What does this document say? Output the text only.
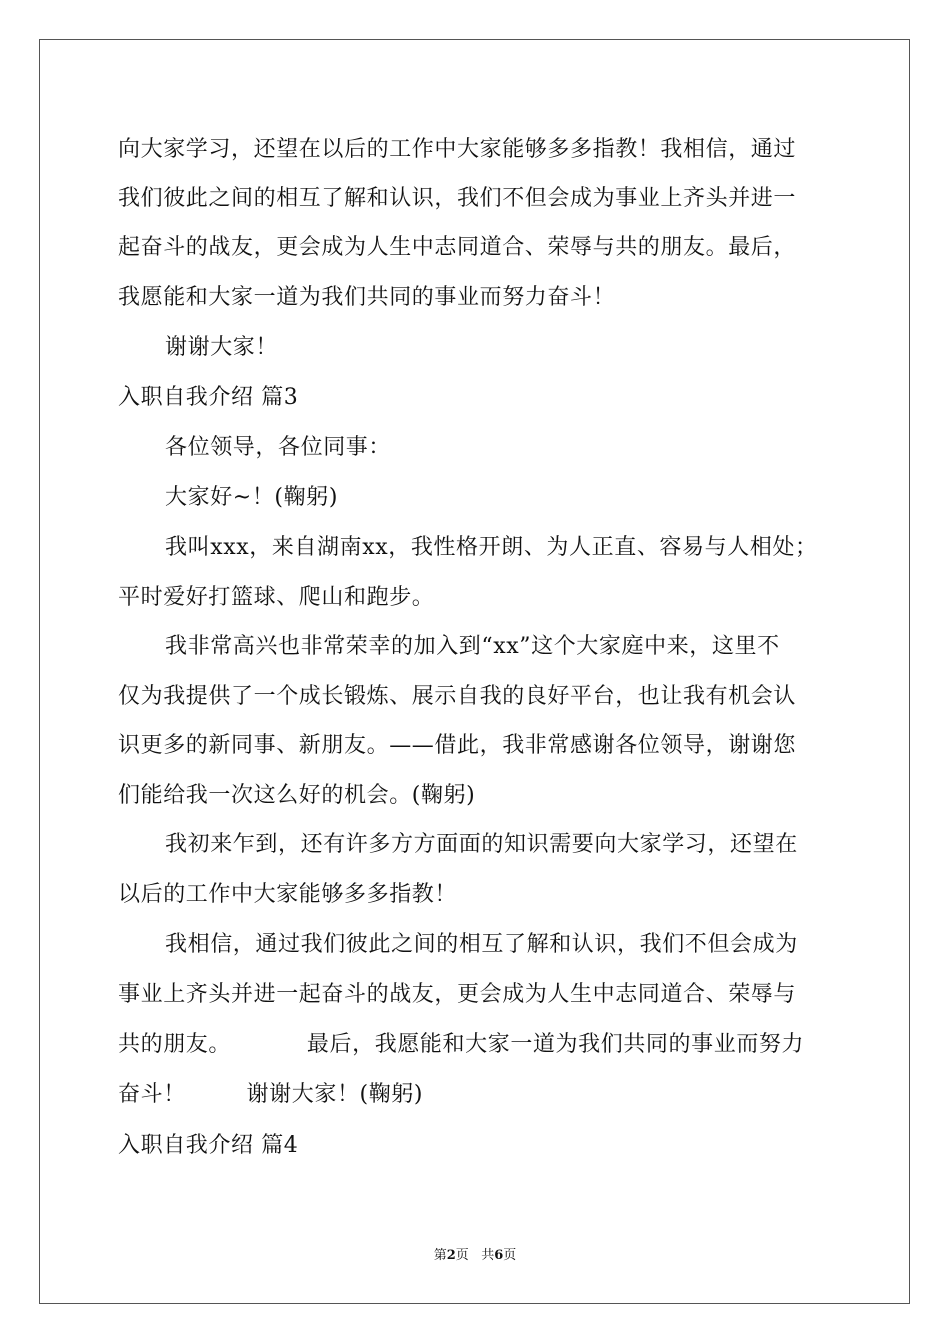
向大家学习，还望在以后的工作中大家能够多多指教！我相信，通过
我们彼此之间的相互了解和认识，我们不但会成为事业上齐头并进一
起奋斗的战友，更会成为人生中志同道合、荣辱与共的朋友。最后，
我愿能和大家一道为我们共同的事业而努力奋斗！
谢谢大家！
入职自我介绍 篇3
各位领导，各位同事：
大家好~！(鞠躬)
我叫xxx，来自湖南xx，我性格开朗、为人正直、容易与人相处；
平时爱好打篮球、爬山和跑步。
我非常高兴也非常荣幸的加入到“xx”这个大家庭中来，这里不
仅为我提供了一个成长锻炼、展示自我的良好平台，也让我有机会认
识更多的新同事、新朋友。——借此，我非常感谢各位领导，谢谢您
们能给我一次这么好的机会。(鞠躬)
我初来乍到，还有许多方方面面的知识需要向大家学习，还望在
以后的工作中大家能够多多指教！
我相信，通过我们彼此之间的相互了解和认识，我们不但会成为
事业上齐头并进一起奋斗的战友，更会成为人生中志同道合、荣辱与
共的朋友。          最后，我愿能和大家一道为我们共同的事业而努力
奋斗！        谢谢大家！(鞠躬)
入职自我介绍 篇4
第2页 共6页
